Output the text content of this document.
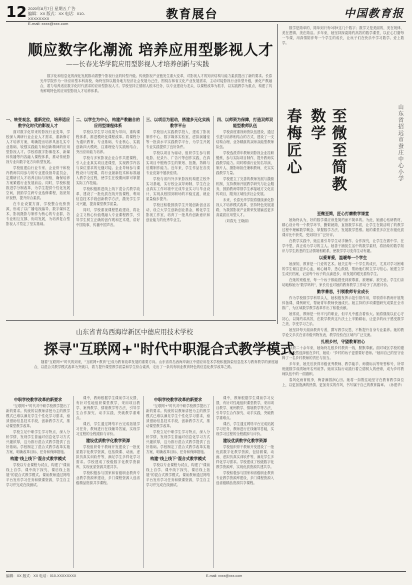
12 2020年8月7日 星期五 广告
编辑：XX 版式：XX 电话：010-XXXXXXXX
E-mail: xxxx@xxx.com
教育展台	中国教育报
顺应数字化潮流 培养应用型影视人才
——长春光华学院应用型影视人才培养创新与实践

数字化和信息化的深化发展推动着整个影视行业的转型升级。传统影视产业链发生重大变革，对影视人才的知识结构与能力素质提出了新的要求。长春光华学院作为一所应用型本科高校，始终坚持以服务地方经济社会发展为己任，围绕吉林省文化产业发展需求，主动对接影视行业转型升级，深化产教融合，着力培养适应数字化时代需求的应用型影视人才。学校坚持立德树人根本任务，以专业建设为龙头，以课程改革为抓手，以实践教学为重点，构建了具有鲜明特色的应用型影视人才培养体系。

一、转变观念，重新定位，培养适应数字化时代的影视人才

面对数字化带来的影视行业变革，学校深入调研行业企业人才需求，重新修订人才培养方案，明确提出培养具备扎实专业基础、较强实践能力和创新精神的应用型影视人才。学校将数字影像技术、新媒体传播等内容融入课程体系，推动传统影视专业向数字化方向转型发展。

学校组建由行业专家、企业骨干和校内教师共同参与的专业建设指导委员会，定期研讨人才培养目标与规格，确保培养方案紧跟行业发展前沿。同时，学校积极推进学分制改革，为学生提供个性化发展空间，鼓励学生跨专业选修课程，拓宽知识视野，提升综合素质。

在专业设置方面，学校整合优势资源，形成了以广播电视编导、数字媒体艺术、影视摄影与制作为核心的专业群，各专业相互支撑、协同发展，为培养复合型影视人才奠定了坚实基础。

二、以学生为中心，构建产教融合的应用型课程体系

学校以学生学习成果为导向，重构课程体系，推进模块化课程改革。将课程分为通识教育、专业基础、专业核心、实践创新四大模块，注重理论与实践相结合，突出应用能力培养。

学校与多家影视企业合作共建课程，引入企业真实项目进课堂，实现教学内容与岗位需求的无缝对接。企业导师参与课程设计与授课，将行业最新技术和标准融入教学全过程，使学生在校期间即可掌握实际工作技能。

学校积极推进线上线下混合式教学改革，建设了一批优质在线开放课程，利用信息技术手段创新教学方法，激发学生学习兴趣，提高课堂教学质量。

同时，学校重视课程思政建设，将社会主义核心价值观融入专业课程教学，引导学生树立正确的创作观和艺术观，讲好中国故事，传播中国声音。

三、以项目为驱动，搭建多元化实践教学平台

学校加大实践教学投入，建成了影视制作中心、数字媒体实验室、虚拟演播室等一批高水平实践教学平台，为学生开展专业实践提供了良好条件。

学校以项目为驱动，组织学生参与微电影、纪录片、广告片等创作实践，在真实项目中锻炼学生的策划、拍摄、剪辑与后期制作能力。近年来，学生作品在各类专业竞赛中屡获佳绩。

学校与省内外多家影视机构建立校外实习基地，实行校企双导师制，学生在企业真实工作环境中完成毕业实习与毕业设计，实现从校园到职场的平稳过渡，就业质量稳步提升。

学校还积极鼓励学生开展创新创业活动，设立大学生创新创业基金，孵化学生影视工作室，培育了一批具有创新意识和创业能力的优秀毕业生。

四、以师资为保障，打造双师双能型教师队伍

学校高度重视师资队伍建设，通过引进与培养相结合的方式，建设了一支结构合理、业务精湛的双师双能型教师队伍。

学校选派青年教师到影视企业挂职锻炼，参与实际项目制作，提升教师实践教学能力。同时聘请行业知名导演、制片人、摄影师担任兼职教师，充实实践教学力量。

学校建立了完善的教师发展与激励机制，支持教师开展教学研究与社会服务，鼓励教师带领学生承接地方文化宣传项目，服务区域经济社会发展。

未来，长春光华学院将继续深化影视人才培养模式改革，坚持特色发展道路，为我国影视产业繁荣发展输送更多高素质应用型人才。

（刘春光 王晓丽）

数学是简单的，简单到只有0到9这几个数字；数学又是美丽的，美在规律、美在逻辑、美在简洁。多年来，她坚持探索简约高效的数学课堂，以匠心打磨每一节课，用真情陪伴每一个学生的成长，让孩子们在快乐中学习数学、爱上数学。

山东省招远市蚕庄中心小学
春梅匠心	至微至简教数学

至微至简，匠心打磨数学课堂

她始终认为，好的数学课应该是简约而不简单的。为此，她潜心钻研教材，精心设计每一个教学环节，删繁就简，直指数学本质，让学生在简洁明了的教学过程中理解数学概念、掌握数学方法、发展数学思维。她的课堂多次在市级优质课评比中获奖，受到同行广泛好评。

在教学实践中，她注重引导学生动手操作、合作探究，让学生在做中学、在学中思，真正成为学习的主人。她善于捕捉生活中的数学素材，将抽象的数学知识与学生熟悉的生活情境相联系，使数学学习变得生动有趣。

以爱育爱，温暖每一个学生

她深知，教育是一门爱的艺术。她关注每一个学生的成长，尤其对学习困难的学生倾注更多心血，耐心辅导，悉心鼓励，帮助他们树立学习信心。她建立学生成长档案，记录每个孩子的点滴进步，用发展的眼光看待学生。

在她的班级里，每一个孩子都能感受到被尊重、被理解、被关爱。学生们亲切地称她为"数学妈妈"，家长们也对她的教育教学工作给予了高度评价。

勤学善思，引领教师专业成长

作为学校数学学科带头人，她积极发挥示范引领作用，带领青年教师开展集体备课、课例研究，帮助青年教师快速成长。她主持的多项课题研究成果在全市推广，为区域数学教学改革作出了积极贡献。

她常说，教师是一份平凡的职业，但平凡中蕴含着伟大。她将继续以匠心守初心，以简约求高效，在数学教育这片沃土上辛勤耕耘，让更多的孩子感受数学之美、享受学习之乐。

她坚持每天阅读教育专著，撰写教学反思，不断提升自身专业素养。她的教学论文多次在省市级刊物发表，教学经验在区域内广泛交流。

扎根乡村，守望教育初心

从教二十余年来，她始终扎根乡村教育一线，默默奉献。面对城区学校的邀请，她毅然选择留在乡村，她说："乡村的孩子更需要好老师。"她用自己的坚守诠释了一名乡村教师的责任与担当。

多年来，她先后获得市级优秀教师、教学能手、师德标兵等荣誉称号，所带班级数学成绩始终名列前茅。她用实际行动践行着立德树人的使命，成为乡村教师队伍中的一面旗帜。

春风化雨育桃李，梅香满园润心田。她将一如既往地坚守在教育教学岗位上，以更加饱满的热情、更加务实的作风，书写属于自己的教育篇章。（孙建华）

山东省青岛西海岸新区中德应用技术学校
探寻"互联网+"时代中职混合式教学模式

随着"互联网+"时代的到来，"互联网+教育"已成为教育改革发展的重要方向。山东省青岛西海岸新区中德应用技术学校积极探索信息技术与教育教学的深度融合，以混合式教学模式改革为突破口，着力提升课堂教学质量和学生综合素养，走出了一条具有职业教育特色的信息化教学改革之路。

中职学校教学改革的新要求

"互联网+"时代对中职学校教学提出了新的要求。传统的以教师讲授为主的教学模式已难以满足学生个性化学习需求，亟须借助信息技术手段，创新教学方式，推动课堂教学改革。

学校立足中职学生学习特点，深入分析学情，发现学生普遍对信息化学习方式兴趣浓厚，这为推行混合式教学提供了良好基础。学校制定了混合式教学改革实施方案，明确改革目标、任务和保障措施。

构建"线上线下"混合式教学模式

学校以专业课程为试点，构建了"课前线上自学、课中线下探究、课后线上拓展"的混合式教学模式。课前教师通过网络平台发布学习任务和微课资源，学生自主学习并完成在线测试。

课中，教师根据学生课前学习反馈，有针对性地组织课堂教学，采用项目教学、案例教学、情境教学等方法，引导学生合作探究、动手实践，突破教学重难点。

课后，学生通过网络平台完成拓展学习任务，教师进行在线辅导答疑，实现学习过程的全程跟踪与评价。

建设优质数字化教学资源

学校组织骨干教师开发建设了一批优质数字化教学资源，包括微课、动画、虚拟仿真实训软件等，满足学生多样化学习需求。学校建成了校级数字化教学资源库，实现优质资源共建共享。

学校积极参与国家和省级职业教育专业教学资源库建设，多门课程资源入选省级精品资源共享课程。

中职学校教学改革的新要求

"互联网+"时代对中职学校教学提出了新的要求。传统的以教师讲授为主的教学模式已难以满足学生个性化学习需求，亟须借助信息技术手段，创新教学方式，推动课堂教学改革。

学校立足中职学生学习特点，深入分析学情，发现学生普遍对信息化学习方式兴趣浓厚，这为推行混合式教学提供了良好基础。学校制定了混合式教学改革实施方案，明确改革目标、任务和保障措施。

构建"线上线下"混合式教学模式

学校以专业课程为试点，构建了"课前线上自学、课中线下探究、课后线上拓展"的混合式教学模式。课前教师通过网络平台发布学习任务和微课资源，学生自主学习并完成在线测试。

课中，教师根据学生课前学习反馈，有针对性地组织课堂教学，采用项目教学、案例教学、情境教学等方法，引导学生合作探究、动手实践，突破教学重难点。

课后，学生通过网络平台完成拓展学习任务，教师进行在线辅导答疑，实现学习过程的全程跟踪与评价。

建设优质数字化教学资源

学校组织骨干教师开发建设了一批优质数字化教学资源，包括微课、动画、虚拟仿真实训软件等，满足学生多样化学习需求。学校建成了校级数字化教学资源库，实现优质资源共建共享。

学校积极参与国家和省级职业教育专业教学资源库建设，多门课程资源入选省级精品资源共享课程。

编辑：XX 版式：XX 电话：010-XXXXXXXX	E-mail: xxxx@xxx.com
